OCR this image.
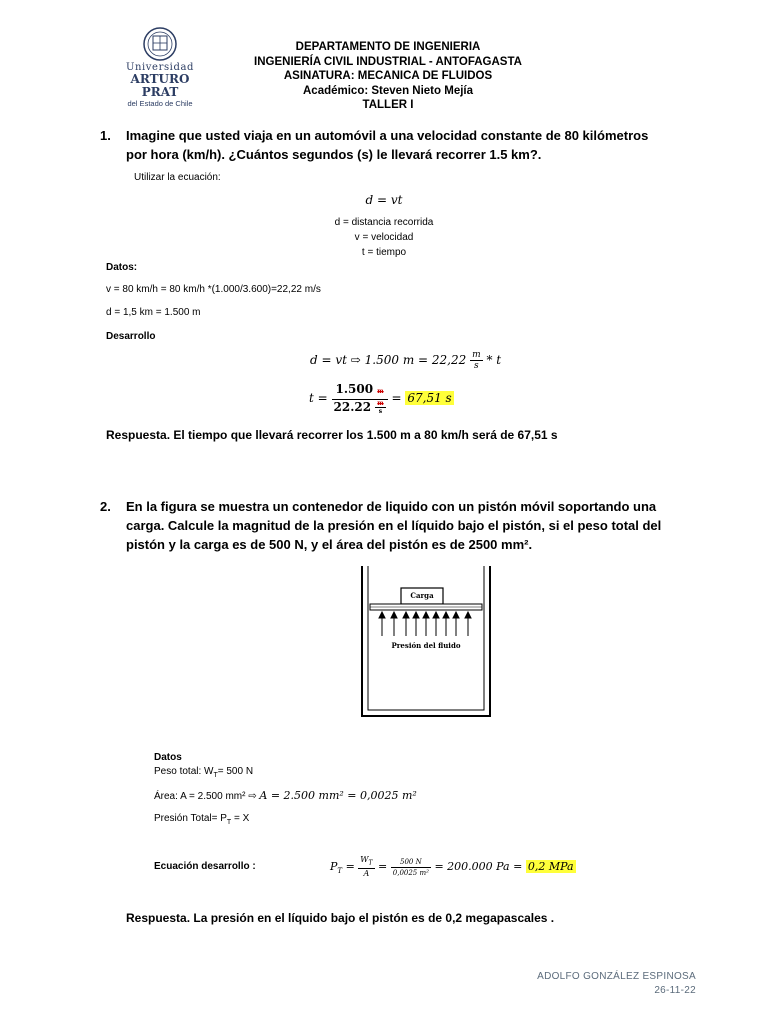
Universidad
ARTURO PRAT
del Estado de Chile
DEPARTAMENTO DE INGENIERIA
INGENIERÍA CIVIL INDUSTRIAL - ANTOFAGASTA
ASINATURA: MECANICA DE FLUIDOS
Académico: Steven Nieto Mejía
TALLER I
1. Imagine que usted viaja en un automóvil a una velocidad constante de 80 kilómetros por hora (km/h). ¿Cuántos segundos (s) le llevará recorrer 1.5 km?.
Utilizar la ecuación:
d = vt
d = distancia recorrida
v = velocidad
t = tiempo
Datos:
v = 80 km/h = 80 km/h *(1.000/3.600)=22,22 m/s
d = 1,5 km = 1.500 m
Desarrollo
d = vt ⇨ 1.500 $m = 22,22 \frac{m}{s} * t$
$t = \frac{1.500 m}{22.22 \frac{m}{s}} = 67,51$ s
Respuesta. El tiempo que llevará recorrer los 1.500 m a 80 km/h será de 67,51 s
2. En la figura se muestra un contenedor de liquido con un pistón móvil soportando una carga. Calcule la magnitud de la presión en el líquido bajo el pistón, si el peso total del pistón y la carga es de 500 N, y el área del pistón es de 2500 mm².
Carga
Presión del fluido
Datos
Peso total: $W_T= 500$ N
Área: A = 2.500 mm² ⇨ A = 2.500 mm² = 0,0025 m²
Presión Total= $P_T = X$
Ecuación desarrollo :	$P_T = \frac{W_T}{A} = \frac{500 N}{\text{0,0025 m²}} = 200.000$ Pa = 0,2 MPa
Respuesta. La presión en el líquido bajo el pistón es de 0,2 megapascales .
ADOLFO GONZÁLEZ ESPINOSA
26-11-22
